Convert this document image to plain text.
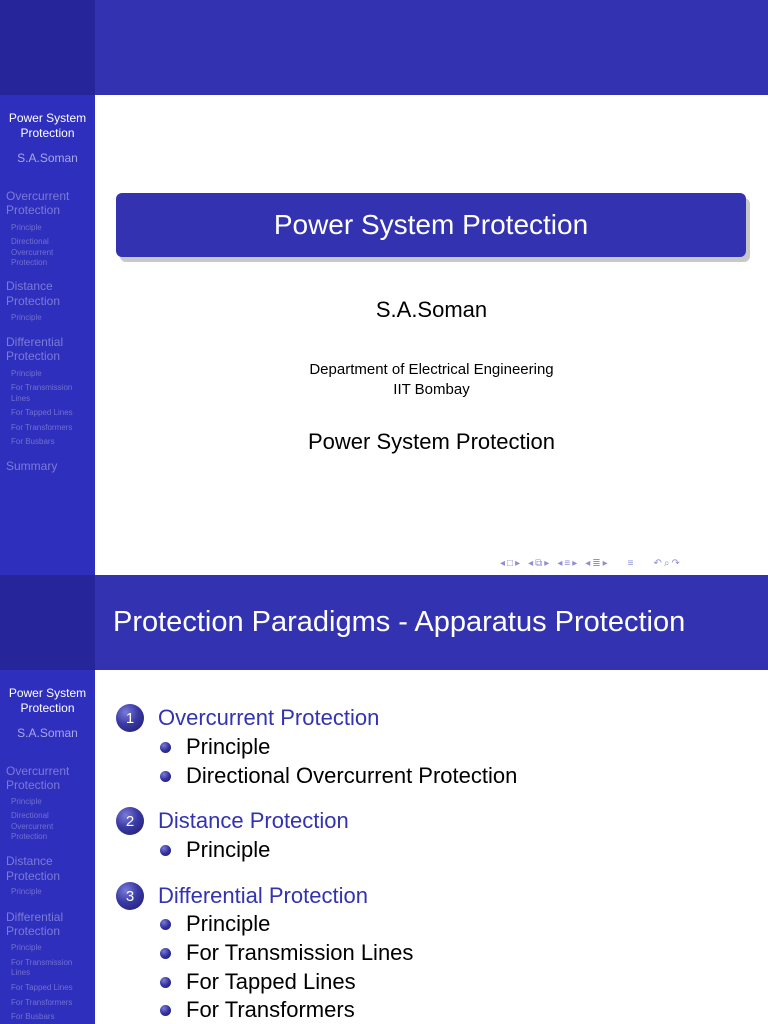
Power System
Protection
S.A.Soman
Overcurrent
Protection
Principle
Directional
Overcurrent
Protection
Distance
Protection
Principle
Differential
Protection
Principle
For Transmission
Lines
For Tapped Lines
For Transformers
For Busbars
Summary
Power System Protection
S.A.Soman
Department of Electrical Engineering
IIT Bombay
Power System Protection
◂ □ ▸ ◂ ⧉ ▸ ◂ ≡ ▸ ◂ ≣ ▸ ≡ ↶ ⌕ ↷
Power System
Protection
S.A.Soman
Overcurrent
Protection
Principle
Directional
Overcurrent
Protection
Distance
Protection
Principle
Differential
Protection
Principle
For Transmission
Lines
For Tapped Lines
For Transformers
For Busbars
Protection Paradigms - Apparatus Protection
1	Overcurrent Protection
Principle
Directional Overcurrent Protection
2	Distance Protection
Principle
3	Differential Protection
Principle
For Transmission Lines
For Tapped Lines
For Transformers
